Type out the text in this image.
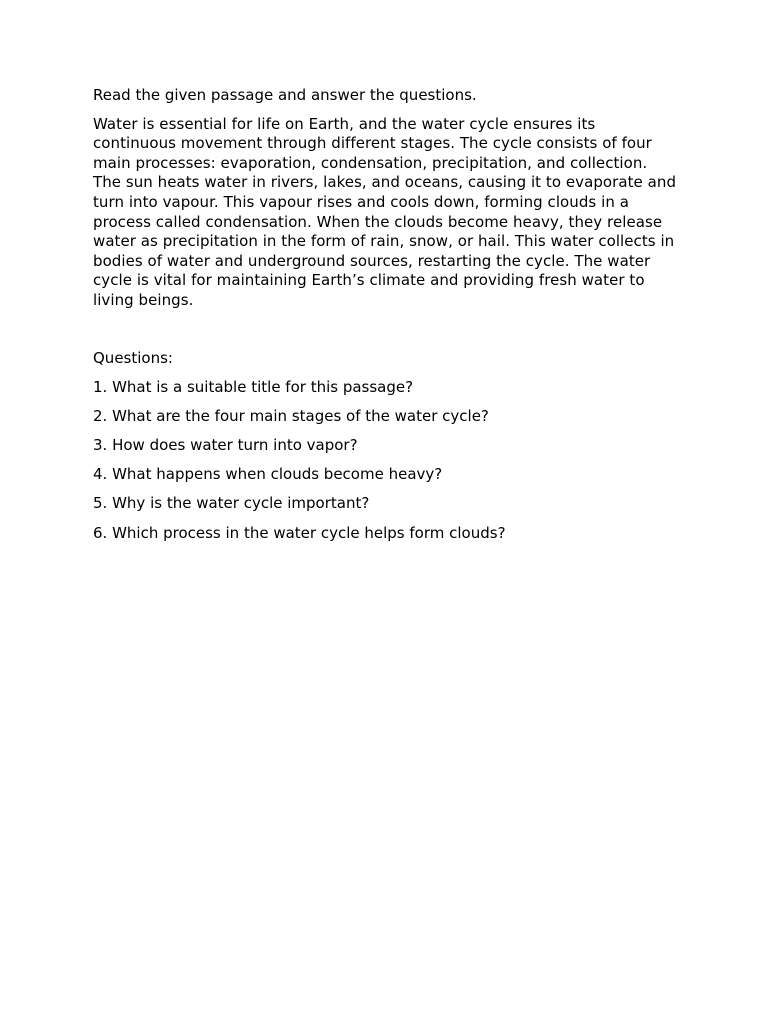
Read the given passage and answer the questions.

Water is essential for life on Earth, and the water cycle ensures its continuous movement through different stages. The cycle consists of four main processes: evaporation, condensation, precipitation, and collection. The sun heats water in rivers, lakes, and oceans, causing it to evaporate and turn into vapour. This vapour rises and cools down, forming clouds in a process called condensation. When the clouds become heavy, they release water as precipitation in the form of rain, snow, or hail. This water collects in bodies of water and underground sources, restarting the cycle. The water cycle is vital for maintaining Earth’s climate and providing fresh water to living beings.

Questions:

1. What is a suitable title for this passage?
2. What are the four main stages of the water cycle?
3. How does water turn into vapor?
4. What happens when clouds become heavy?
5. Why is the water cycle important?
6. Which process in the water cycle helps form clouds?
